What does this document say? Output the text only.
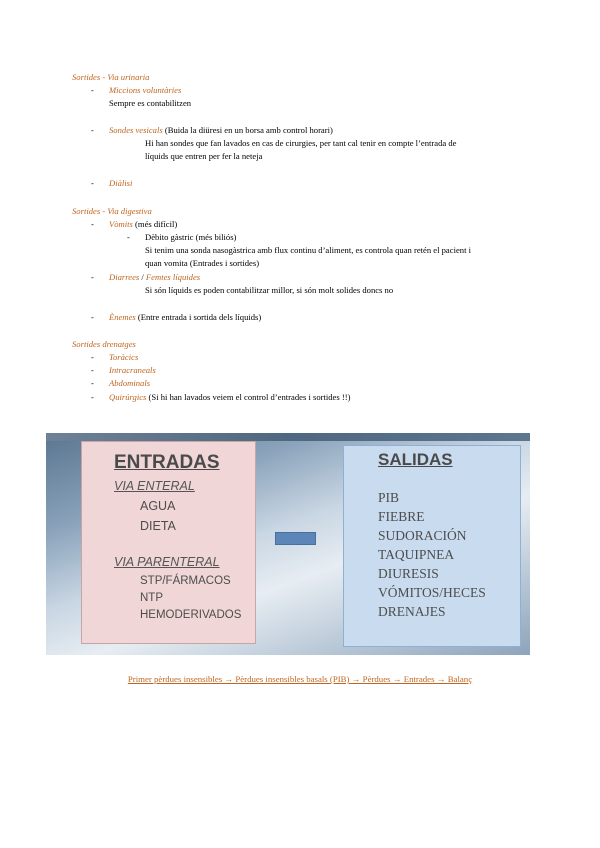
Sortides - Via urinaria
- Miccions voluntàries
Sempre es contabilitzen
- Sondes vesicals (Buida la diüresi en un borsa amb control horari)
Hi han sondes que fan lavados en cas de cirurgies, per tant cal tenir en compte l’entrada de
líquids que entren per fer la neteja
- Diàlisi
Sortides - Via digestiva
- Vòmits (més difícil)
- Dèbito gàstric (més biliós)
Si tenim una sonda nasogàstrica amb flux continu d’aliment, es controla quan retén el pacient i
quan vomita (Entrades i sortides)
- Diarrees / Femtes líquides
Si són líquids es poden contabilitzar millor, si són molt solides doncs no
- Ènemes (Entre entrada i sortida dels líquids)
Sortides drenatges
- Toràcics
- Intracraneals
- Abdominals
- Quirúrgics (Si hi han lavados veiem el control d’entrades i sortides !!)
ENTRADAS
VIA ENTERAL
AGUA
DIETA
VIA PARENTERAL
STP/FÁRMACOS
NTP
HEMODERIVADOS
SALIDAS
PIB
FIEBRE
SUDORACIÓN
TAQUIPNEA
DIURESIS
VÓMITOS/HECES
DRENAJES
Primer pèrdues insensibles → Pèrdues insensibles basals (PIB) → Pèrdues → Entrades → Balanç
